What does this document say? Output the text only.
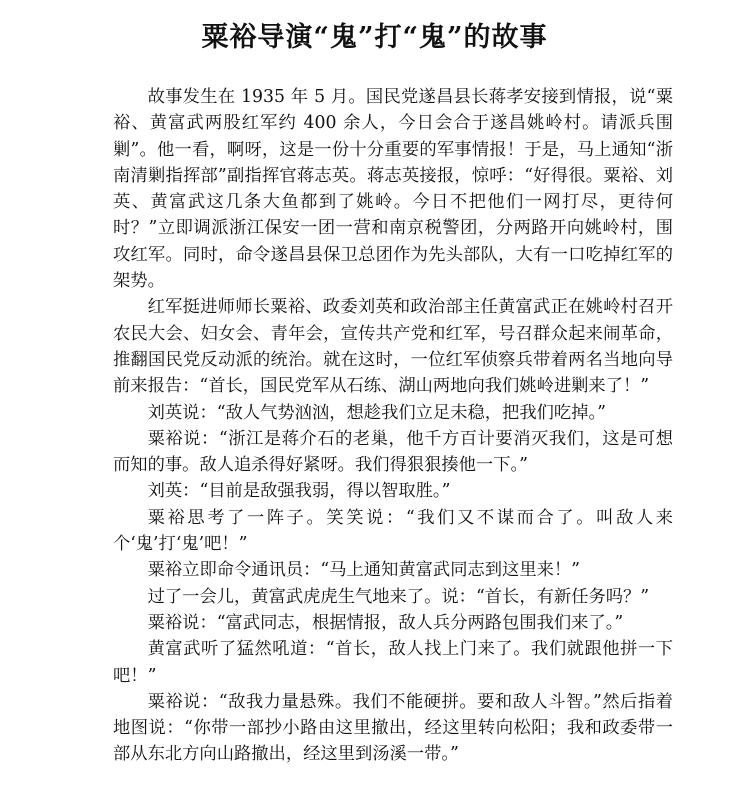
粟裕导演“鬼”打“鬼”的故事

故事发生在 1935 年 5 月。国民党遂昌县长蒋孝安接到情报，说“粟裕、黄富武两股红军约 400 余人，今日会合于遂昌姚岭村。请派兵围剿”。他一看，啊呀，这是一份十分重要的军事情报！于是，马上通知“浙南清剿指挥部”副指挥官蒋志英。蒋志英接报，惊呼：“好得很。粟裕、刘英、黄富武这几条大鱼都到了姚岭。今日不把他们一网打尽，更待何时？”立即调派浙江保安一团一营和南京税警团，分两路开向姚岭村，围攻红军。同时，命令遂昌县保卫总团作为先头部队，大有一口吃掉红军的架势。

红军挺进师师长粟裕、政委刘英和政治部主任黄富武正在姚岭村召开农民大会、妇女会、青年会，宣传共产党和红军，号召群众起来闹革命，推翻国民党反动派的统治。就在这时，一位红军侦察兵带着两名当地向导前来报告：“首长，国民党军从石练、湖山两地向我们姚岭进剿来了！”

刘英说：“敌人气势汹汹，想趁我们立足未稳，把我们吃掉。”

粟裕说：“浙江是蒋介石的老巢，他千方百计要消灭我们，这是可想而知的事。敌人追杀得好紧呀。我们得狠狠揍他一下。”

刘英：“目前是敌强我弱，得以智取胜。”

粟裕思考了一阵子。笑笑说：“我们又不谋而合了。叫敌人来个‘鬼’打‘鬼’吧！”

粟裕立即命令通讯员：“马上通知黄富武同志到这里来！”

过了一会儿，黄富武虎虎生气地来了。说：“首长，有新任务吗？”

粟裕说：“富武同志，根据情报，敌人兵分两路包围我们来了。”

黄富武听了猛然吼道：“首长，敌人找上门来了。我们就跟他拼一下吧！”

粟裕说：“敌我力量悬殊。我们不能硬拼。要和敌人斗智。”然后指着地图说：“你带一部抄小路由这里撤出，经这里转向松阳；我和政委带一部从东北方向山路撤出，经这里到汤溪一带。”
